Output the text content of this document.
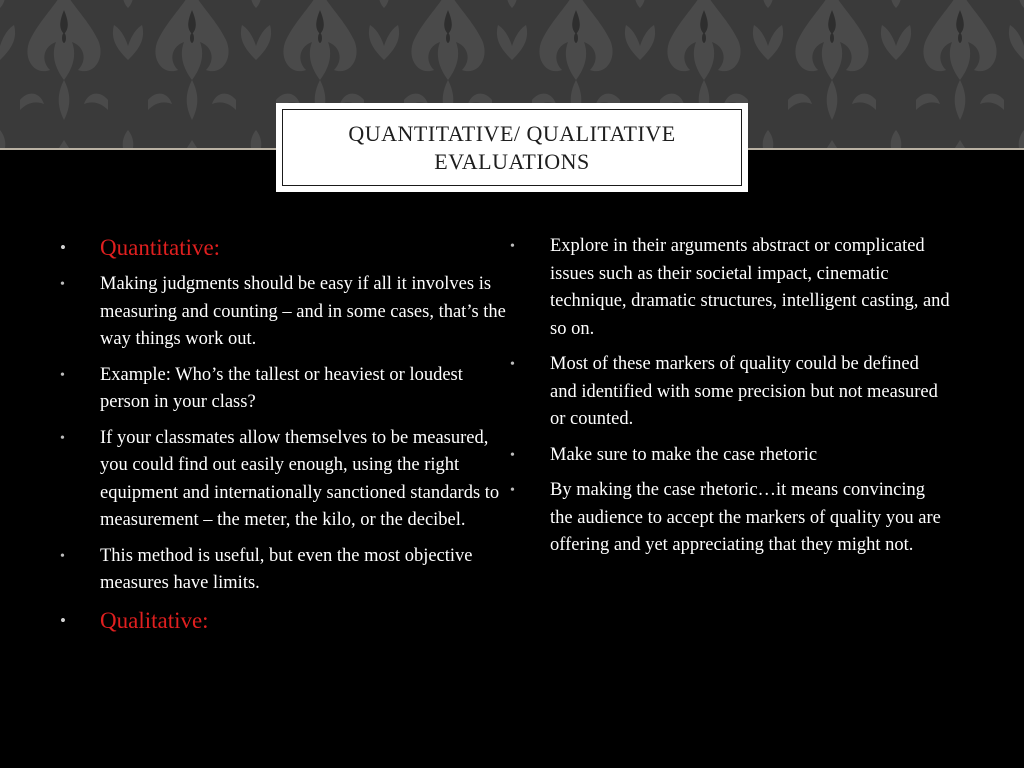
QUANTITATIVE/ QUALITATIVE EVALUATIONS
•	Quantitative:
•	Making judgments should be easy if all it involves is measuring and counting – and in some cases, that’s the way things work out.
•	Example: Who’s the tallest or heaviest or loudest person in your class?
•	If your classmates allow themselves to be measured, you could find out easily enough, using the right equipment and internationally sanctioned standards to measurement – the meter, the kilo, or the decibel.
•	This method is useful, but even the most objective measures have limits.
•	Qualitative:
•	Explore in their arguments abstract or complicated issues such as their societal impact, cinematic technique, dramatic structures, intelligent casting, and so on.
•	Most of these markers of quality could be defined and identified with some precision but not measured or counted.
•	Make sure to make the case rhetoric
•	By making the case rhetoric…it means convincing the audience to accept the markers of quality you are offering and yet appreciating that they might not.
